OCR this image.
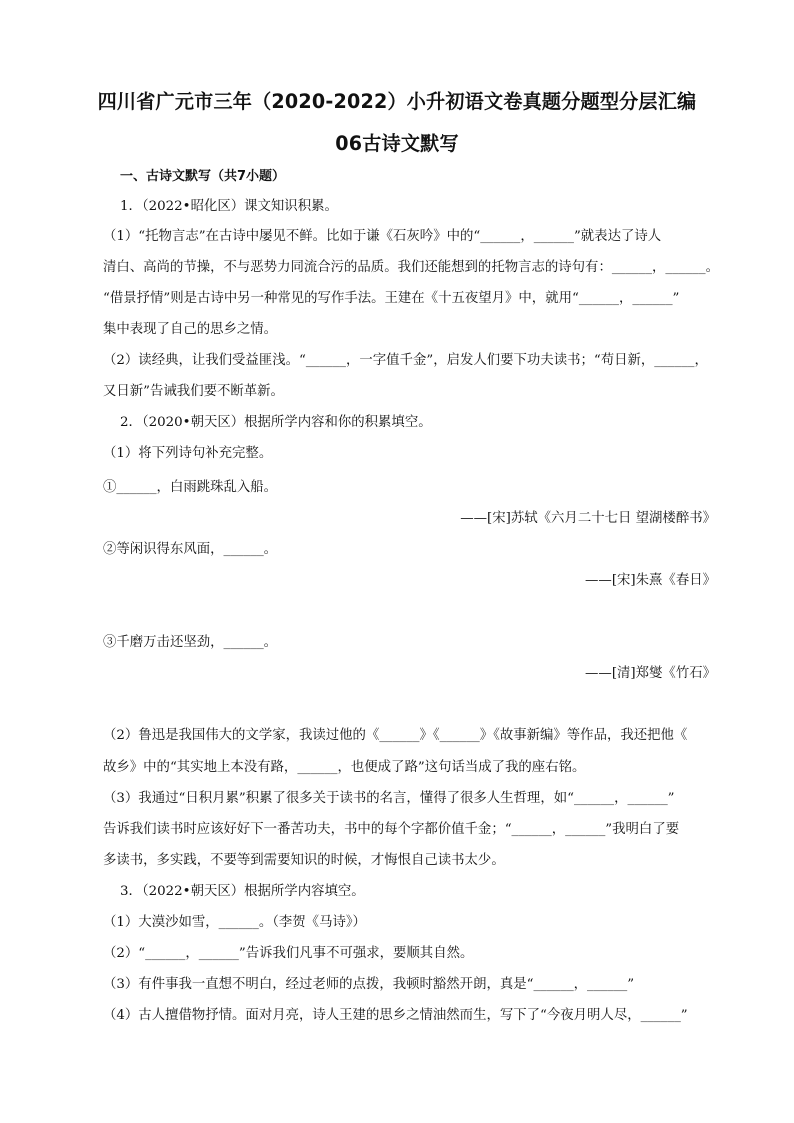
四川省广元市三年（2020-2022）小升初语文卷真题分题型分层汇编
06古诗文默写
一、古诗文默写（共7小题）
1．（2022•昭化区）课文知识积累。
（1）“托物言志”在古诗中屡见不鲜。比如于谦《石灰吟》中的“______，______”就表达了诗人
清白、高尚的节操，不与恶势力同流合污的品质。我们还能想到的托物言志的诗句有：______，______。
“借景抒情”则是古诗中另一种常见的写作手法。王建在《十五夜望月》中，就用“______，______”
集中表现了自己的思乡之情。
（2）读经典，让我们受益匪浅。“______，一字值千金”，启发人们要下功夫读书；“苟日新，______，
又日新”告诫我们要不断革新。
2．（2020•朝天区）根据所学内容和你的积累填空。
（1）将下列诗句补充完整。
①______，白雨跳珠乱入船。
——[宋]苏轼《六月二十七日 望湖楼醉书》
②等闲识得东风面，______。
——[宋]朱熹《春日》
③千磨万击还坚劲，______。
——[清]郑燮《竹石》
（2）鲁迅是我国伟大的文学家，我读过他的《______》《______》《故事新编》等作品，我还把他《
故乡》中的“其实地上本没有路，______，也便成了路”这句话当成了我的座右铭。
（3）我通过“日积月累”积累了很多关于读书的名言，懂得了很多人生哲理，如“______，______”
告诉我们读书时应该好好下一番苦功夫，书中的每个字都价值千金；“______，______”我明白了要
多读书，多实践，不要等到需要知识的时候，才悔恨自己读书太少。
3．（2022•朝天区）根据所学内容填空。
（1）大漠沙如雪，______。（李贺《马诗》）
（2）“______，______”告诉我们凡事不可强求，要顺其自然。
（3）有件事我一直想不明白，经过老师的点拨，我顿时豁然开朗，真是“______，______”
（4）古人擅借物抒情。面对月亮，诗人王建的思乡之情油然而生，写下了“今夜月明人尽，______”
